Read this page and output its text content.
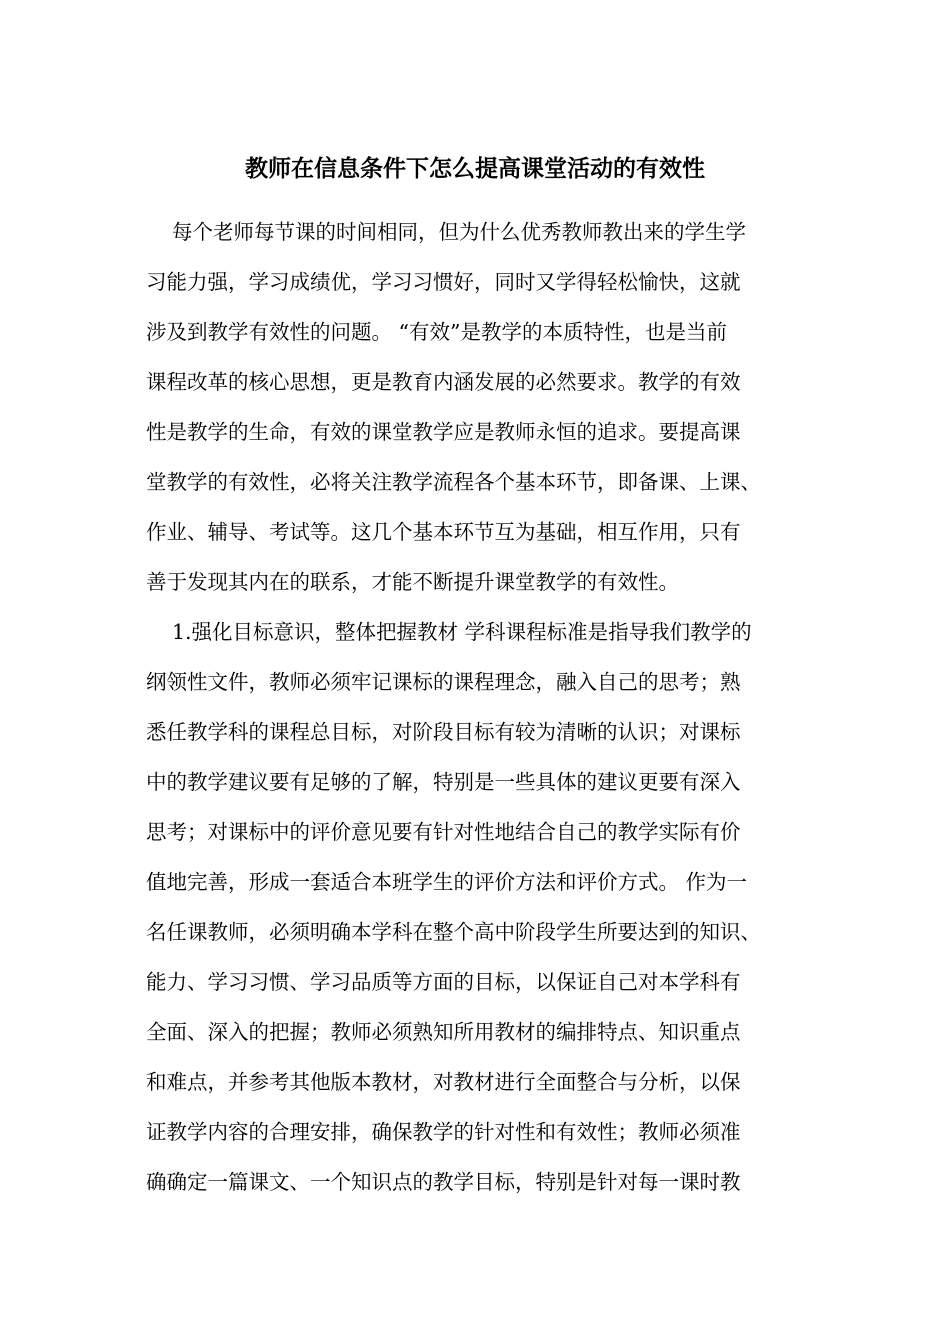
教师在信息条件下怎么提高课堂活动的有效性

每个老师每节课的时间相同，但为什么优秀教师教出来的学生学

习能力强，学习成绩优，学习习惯好，同时又学得轻松愉快，这就

涉及到教学有效性的问题。 “有效”是教学的本质特性，也是当前

课程改革的核心思想，更是教育内涵发展的必然要求。教学的有效

性是教学的生命，有效的课堂教学应是教师永恒的追求。要提高课

堂教学的有效性，必将关注教学流程各个基本环节，即备课、上课、

作业、辅导、考试等。这几个基本环节互为基础，相互作用，只有

善于发现其内在的联系，才能不断提升课堂教学的有效性。

1.强化目标意识，整体把握教材 学科课程标准是指导我们教学的

纲领性文件，教师必须牢记课标的课程理念，融入自己的思考；熟

悉任教学科的课程总目标，对阶段目标有较为清晰的认识；对课标

中的教学建议要有足够的了解，特别是一些具体的建议更要有深入

思考；对课标中的评价意见要有针对性地结合自己的教学实际有价

值地完善，形成一套适合本班学生的评价方法和评价方式。 作为一

名任课教师，必须明确本学科在整个高中阶段学生所要达到的知识、

能力、学习习惯、学习品质等方面的目标，以保证自己对本学科有

全面、深入的把握；教师必须熟知所用教材的编排特点、知识重点

和难点，并参考其他版本教材，对教材进行全面整合与分析，以保

证教学内容的合理安排，确保教学的针对性和有效性；教师必须准

确确定一篇课文、一个知识点的教学目标，特别是针对每一课时教
